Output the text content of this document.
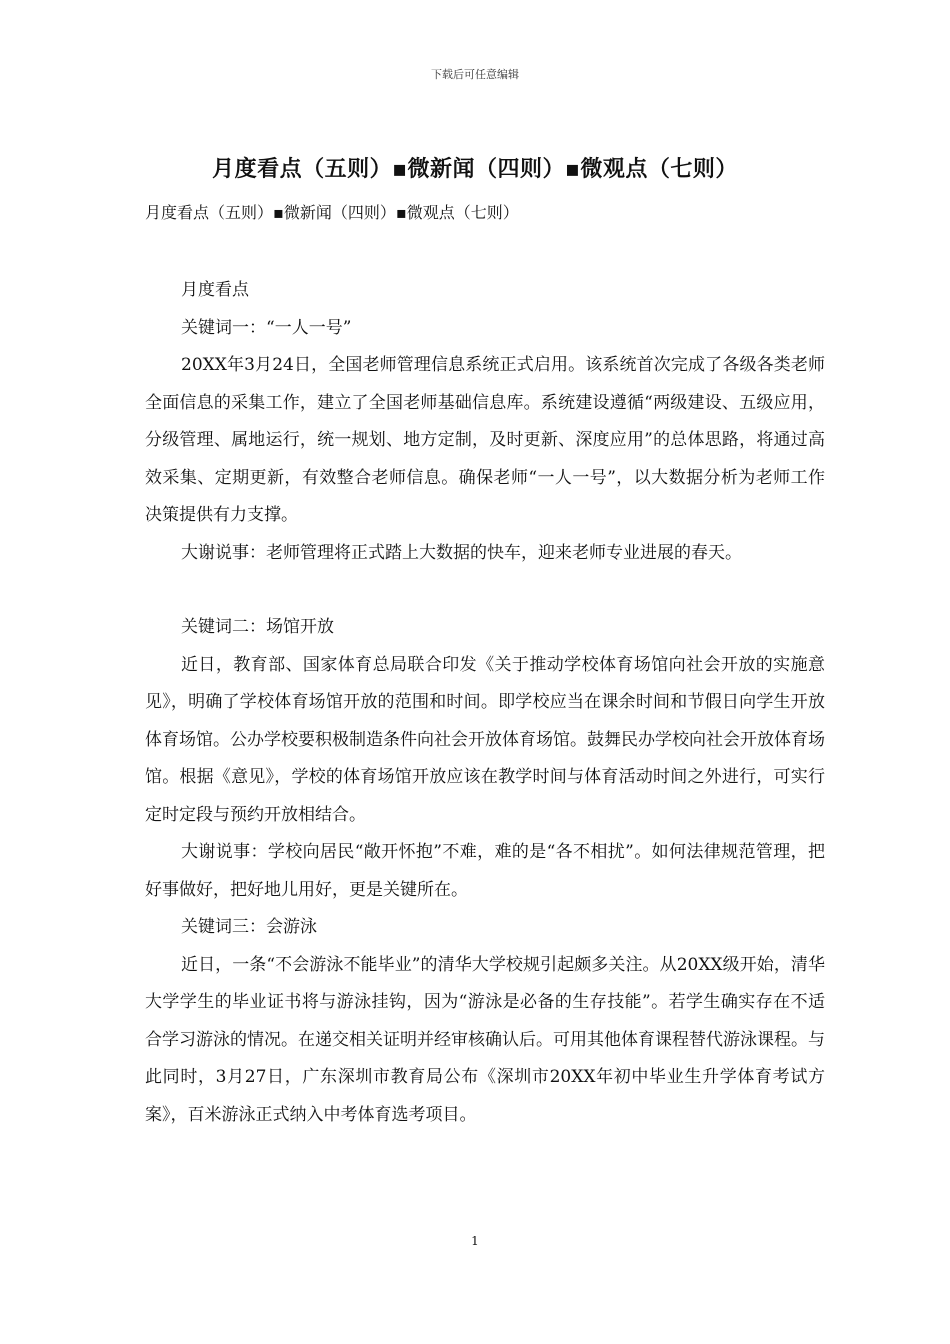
下载后可任意编辑
月度看点（五则）▪微新闻（四则）▪微观点（七则）
月度看点（五则）▪微新闻（四则）▪微观点（七则）

月度看点

关键词一：“一人一号”

20XX年3月24日，全国老师管理信息系统正式启用。该系统首次完成了各级各类老师全面信息的采集工作，建立了全国老师基础信息库。系统建设遵循“两级建设、五级应用，分级管理、属地运行，统一规划、地方定制，及时更新、深度应用”的总体思路，将通过高效采集、定期更新，有效整合老师信息。确保老师“一人一号”，以大数据分析为老师工作决策提供有力支撑。

大谢说事：老师管理将正式踏上大数据的快车，迎来老师专业进展的春天。

关键词二：场馆开放

近日，教育部、国家体育总局联合印发《关于推动学校体育场馆向社会开放的实施意见》，明确了学校体育场馆开放的范围和时间。即学校应当在课余时间和节假日向学生开放体育场馆。公办学校要积极制造条件向社会开放体育场馆。鼓舞民办学校向社会开放体育场馆。根据《意见》，学校的体育场馆开放应该在教学时间与体育活动时间之外进行，可实行定时定段与预约开放相结合。

大谢说事：学校向居民“敞开怀抱”不难，难的是“各不相扰”。如何法律规范管理，把好事做好，把好地儿用好，更是关键所在。

关键词三：会游泳

近日，一条“不会游泳不能毕业”的清华大学校规引起颇多关注。从20XX级开始，清华大学学生的毕业证书将与游泳挂钩，因为“游泳是必备的生存技能”。若学生确实存在不适合学习游泳的情况。在递交相关证明并经审核确认后。可用其他体育课程替代游泳课程。与此同时，3月27日，广东深圳市教育局公布《深圳市20XX年初中毕业生升学体育考试方案》，百米游泳正式纳入中考体育选考项目。

1
